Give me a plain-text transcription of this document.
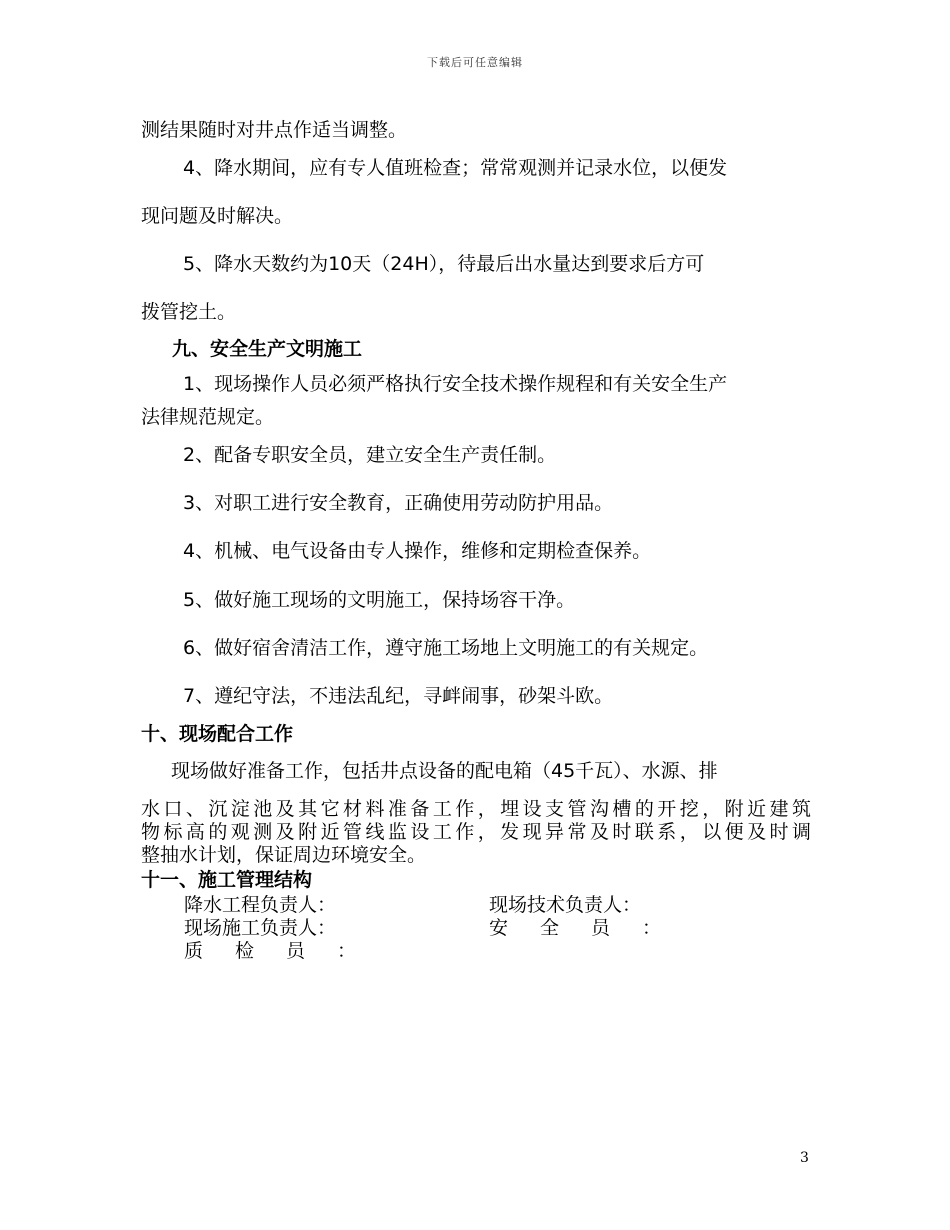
下载后可任意编辑
测结果随时对井点作适当调整。
4、降水期间，应有专人值班检查；常常观测并记录水位，以便发
现问题及时解决。
5、降水天数约为10天（24H），待最后出水量达到要求后方可
拨管挖土。
九、安全生产文明施工
1、现场操作人员必须严格执行安全技术操作规程和有关安全生产
法律规范规定。
2、配备专职安全员，建立安全生产责任制。
3、对职工进行安全教育，正确使用劳动防护用品。
4、机械、电气设备由专人操作，维修和定期检查保养。
5、做好施工现场的文明施工，保持场容干净。
6、做好宿舍清洁工作，遵守施工场地上文明施工的有关规定。
7、遵纪守法，不违法乱纪，寻衅闹事，砂架斗欧。
十、现场配合工作
现场做好准备工作，包括井点设备的配电箱（45千瓦）、水源、排
水口、沉淀池及其它材料准备工作，埋设支管沟槽的开挖，附近建筑
物标高的观测及附近管线监设工作，发现异常及时联系，以便及时调
整抽水计划，保证周边环境安全。
十一、施工管理结构
降水工程负责人：	现场技术负责人：
现场施工负责人：	安全员：
质检员：
3
